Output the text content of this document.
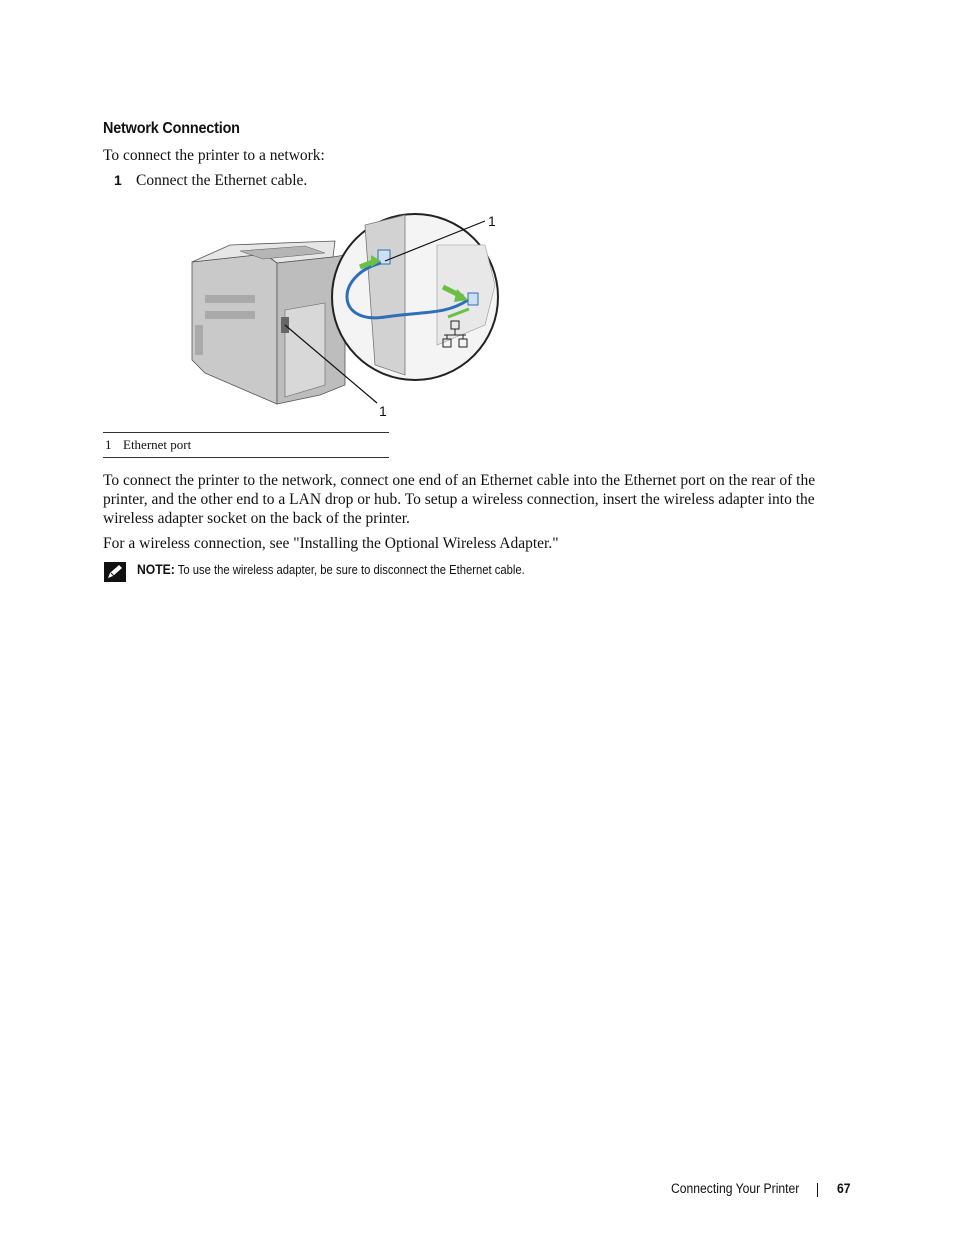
Network Connection
To connect the printer to a network:
1 Connect the Ethernet cable.
1
1
1 Ethernet port
To connect the printer to the network, connect one end of an Ethernet cable into the Ethernet port on the rear of the printer, and the other end to a LAN drop or hub. To setup a wireless connection, insert the wireless adapter into the wireless adapter socket on the back of the printer.
For a wireless connection, see "Installing the Optional Wireless Adapter."
NOTE: To use the wireless adapter, be sure to disconnect the Ethernet cable.
Connecting Your Printer	67
